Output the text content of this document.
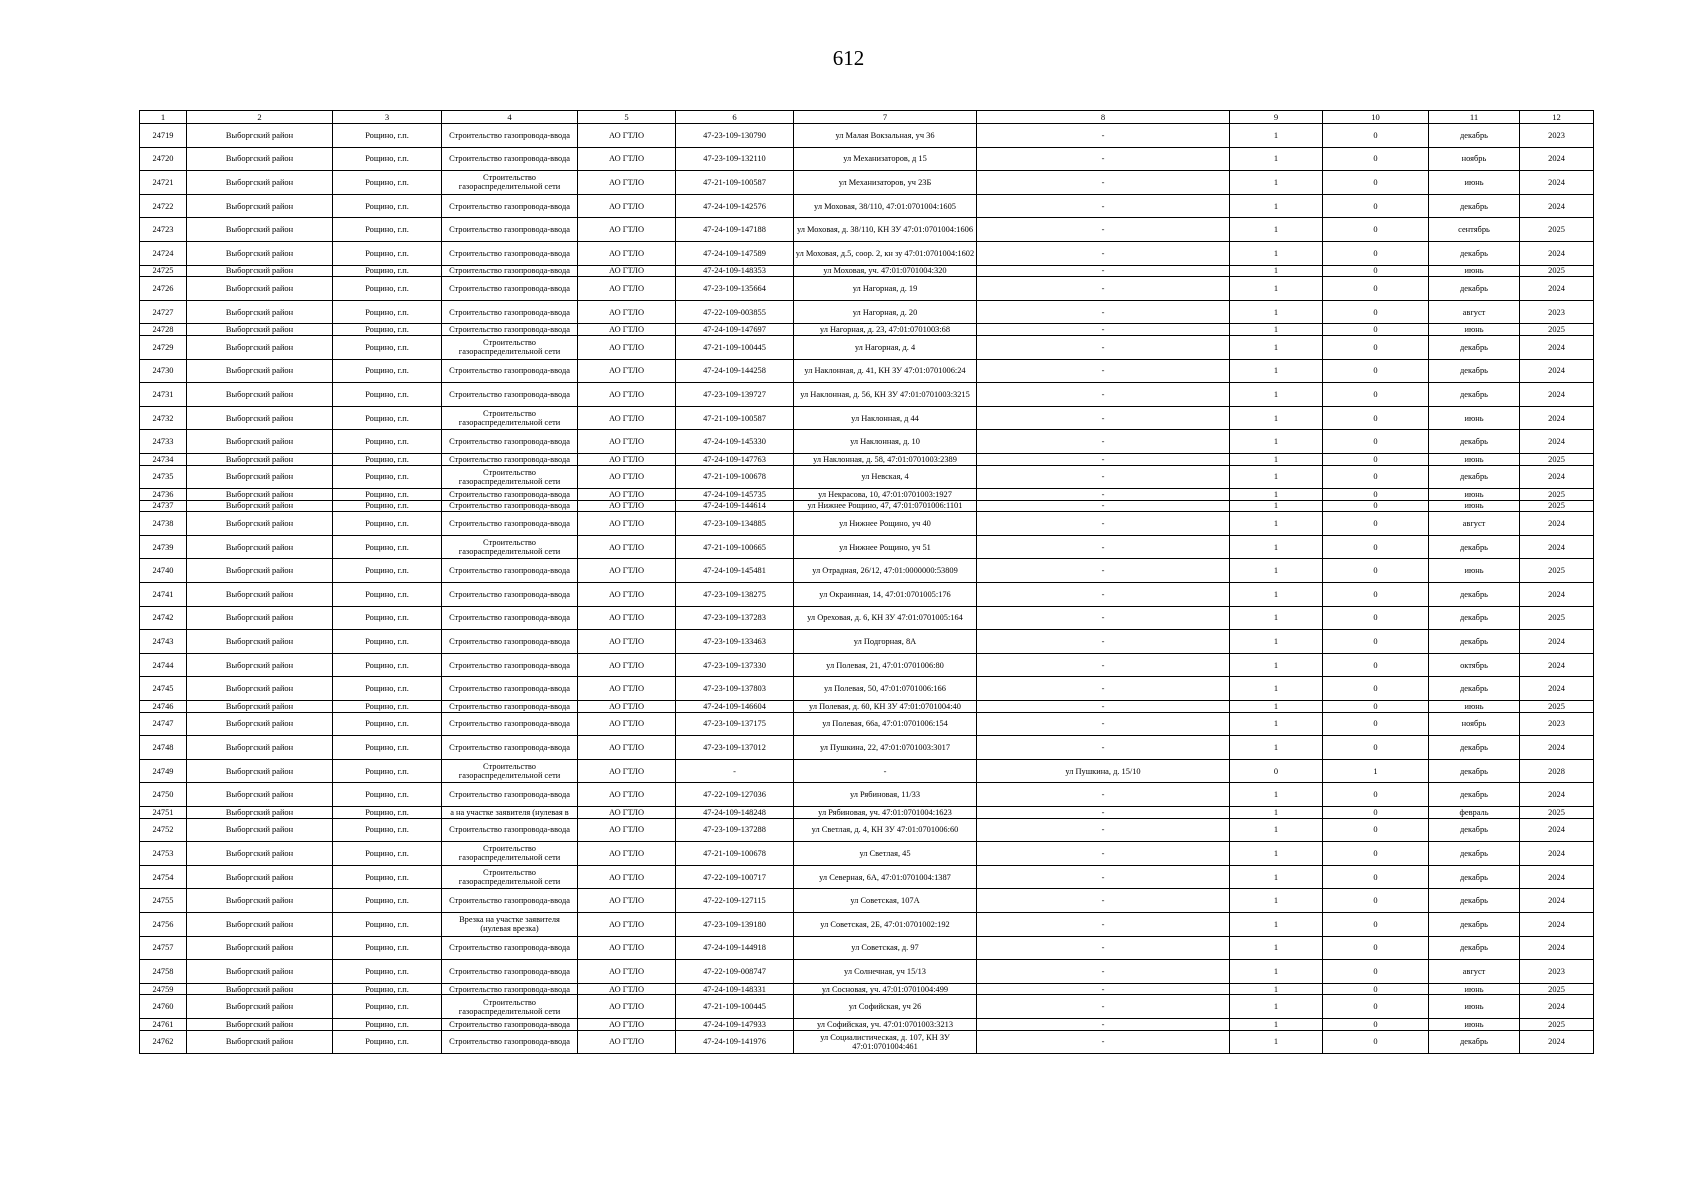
612
1	2	3	4	5	6	7	8	9	10	11	12
24719	Выборгский район	Рощино, г.п.	Строительство газопровода-ввода	АО ГТЛО	47-23-109-130790	ул Малая Вокзальная, уч 36	-	1	0	декабрь	2023
24720	Выборгский район	Рощино, г.п.	Строительство газопровода-ввода	АО ГТЛО	47-23-109-132110	ул Механизаторов, д 15	-	1	0	ноябрь	2024
24721	Выборгский район	Рощино, г.п.	Строительство газораспределительной сети	АО ГТЛО	47-21-109-100587	ул Механизаторов, уч 23Б	-	1	0	июнь	2024
24722	Выборгский район	Рощино, г.п.	Строительство газопровода-ввода	АО ГТЛО	47-24-109-142576	ул Моховая, 38/110, 47:01:0701004:1605	-	1	0	декабрь	2024
24723	Выборгский район	Рощино, г.п.	Строительство газопровода-ввода	АО ГТЛО	47-24-109-147188	ул Моховая, д. 38/110, КН ЗУ 47:01:0701004:1606	-	1	0	сентябрь	2025
24724	Выборгский район	Рощино, г.п.	Строительство газопровода-ввода	АО ГТЛО	47-24-109-147589	ул Моховая, д.5, соор. 2, кн зу 47:01:0701004:1602	-	1	0	декабрь	2024
24725	Выборгский район	Рощино, г.п.	Строительство газопровода-ввода	АО ГТЛО	47-24-109-148353	ул Моховая, уч. 47:01:0701004:320	-	1	0	июнь	2025
24726	Выборгский район	Рощино, г.п.	Строительство газопровода-ввода	АО ГТЛО	47-23-109-135664	ул Нагорная, д. 19	-	1	0	декабрь	2024
24727	Выборгский район	Рощино, г.п.	Строительство газопровода-ввода	АО ГТЛО	47-22-109-003855	ул Нагорная, д. 20	-	1	0	август	2023
24728	Выборгский район	Рощино, г.п.	Строительство газопровода-ввода	АО ГТЛО	47-24-109-147697	ул Нагорная, д. 23, 47:01:0701003:68	-	1	0	июнь	2025
24729	Выборгский район	Рощино, г.п.	Строительство газораспределительной сети	АО ГТЛО	47-21-109-100445	ул Нагорная, д. 4	-	1	0	декабрь	2024
24730	Выборгский район	Рощино, г.п.	Строительство газопровода-ввода	АО ГТЛО	47-24-109-144258	ул Наклонная, д. 41, КН ЗУ 47:01:0701006:24	-	1	0	декабрь	2024
24731	Выборгский район	Рощино, г.п.	Строительство газопровода-ввода	АО ГТЛО	47-23-109-139727	ул Наклонная, д. 56, КН ЗУ 47:01:0701003:3215	-	1	0	декабрь	2024
24732	Выборгский район	Рощино, г.п.	Строительство газораспределительной сети	АО ГТЛО	47-21-109-100587	ул Наклонная, д 44	-	1	0	июнь	2024
24733	Выборгский район	Рощино, г.п.	Строительство газопровода-ввода	АО ГТЛО	47-24-109-145330	ул Наклонная, д. 10	-	1	0	декабрь	2024
24734	Выборгский район	Рощино, г.п.	Строительство газопровода-ввода	АО ГТЛО	47-24-109-147763	ул Наклонная, д. 58, 47:01:0701003:2389	-	1	0	июнь	2025
24735	Выборгский район	Рощино, г.п.	Строительство газораспределительной сети	АО ГТЛО	47-21-109-100678	ул Невская, 4	-	1	0	декабрь	2024
24736	Выборгский район	Рощино, г.п.	Строительство газопровода-ввода	АО ГТЛО	47-24-109-145735	ул Некрасова, 10, 47:01:0701003:1927	-	1	0	июнь	2025
24737	Выборгский район	Рощино, г.п.	Строительство газопровода-ввода	АО ГТЛО	47-24-109-144614	ул Нижнее Рощино, 47, 47:01:0701006:1101	-	1	0	июнь	2025
24738	Выборгский район	Рощино, г.п.	Строительство газопровода-ввода	АО ГТЛО	47-23-109-134885	ул Нижнее Рощино, уч 40	-	1	0	август	2024
24739	Выборгский район	Рощино, г.п.	Строительство газораспределительной сети	АО ГТЛО	47-21-109-100665	ул Нижнее Рощино, уч 51	-	1	0	декабрь	2024
24740	Выборгский район	Рощино, г.п.	Строительство газопровода-ввода	АО ГТЛО	47-24-109-145481	ул Отрадная, 26/12, 47:01:0000000:53809	-	1	0	июнь	2025
24741	Выборгский район	Рощино, г.п.	Строительство газопровода-ввода	АО ГТЛО	47-23-109-138275	ул Окраинная, 14, 47:01:0701005:176	-	1	0	декабрь	2024
24742	Выборгский район	Рощино, г.п.	Строительство газопровода-ввода	АО ГТЛО	47-23-109-137283	ул Ореховая, д. 6, КН ЗУ 47:01:0701005:164	-	1	0	декабрь	2025
24743	Выборгский район	Рощино, г.п.	Строительство газопровода-ввода	АО ГТЛО	47-23-109-133463	ул Подгорная, 8А	-	1	0	декабрь	2024
24744	Выборгский район	Рощино, г.п.	Строительство газопровода-ввода	АО ГТЛО	47-23-109-137330	ул Полевая, 21, 47:01:0701006:80	-	1	0	октябрь	2024
24745	Выборгский район	Рощино, г.п.	Строительство газопровода-ввода	АО ГТЛО	47-23-109-137803	ул Полевая, 50, 47:01:0701006:166	-	1	0	декабрь	2024
24746	Выборгский район	Рощино, г.п.	Строительство газопровода-ввода	АО ГТЛО	47-24-109-146604	ул Полевая, д. 60, КН ЗУ 47:01:0701004:40	-	1	0	июнь	2025
24747	Выборгский район	Рощино, г.п.	Строительство газопровода-ввода	АО ГТЛО	47-23-109-137175	ул Полевая, 66а, 47:01:0701006:154	-	1	0	ноябрь	2023
24748	Выборгский район	Рощино, г.п.	Строительство газопровода-ввода	АО ГТЛО	47-23-109-137012	ул Пушкина, 22, 47:01:0701003:3017	-	1	0	декабрь	2024
24749	Выборгский район	Рощино, г.п.	Строительство газораспределительной сети	АО ГТЛО	-	-	ул Пушкина, д. 15/10	0	1	декабрь	2028
24750	Выборгский район	Рощино, г.п.	Строительство газопровода-ввода	АО ГТЛО	47-22-109-127036	ул Рябиновая, 11/33	-	1	0	декабрь	2024
24751	Выборгский район	Рощино, г.п.	а на участке заявителя (нулевая в	АО ГТЛО	47-24-109-148248	ул Рябиновая, уч. 47:01:0701004:1623	-	1	0	февраль	2025
24752	Выборгский район	Рощино, г.п.	Строительство газопровода-ввода	АО ГТЛО	47-23-109-137288	ул Светлая, д. 4, КН ЗУ 47:01:0701006:60	-	1	0	декабрь	2024
24753	Выборгский район	Рощино, г.п.	Строительство газораспределительной сети	АО ГТЛО	47-21-109-100678	ул Светлая, 45	-	1	0	декабрь	2024
24754	Выборгский район	Рощино, г.п.	Строительство газораспределительной сети	АО ГТЛО	47-22-109-100717	ул Северная, 6А, 47:01:0701004:1387	-	1	0	декабрь	2024
24755	Выборгский район	Рощино, г.п.	Строительство газопровода-ввода	АО ГТЛО	47-22-109-127115	ул Советская, 107А	-	1	0	декабрь	2024
24756	Выборгский район	Рощино, г.п.	Врезка на участке заявителя (нулевая врезка)	АО ГТЛО	47-23-109-139180	ул Советская, 2Б, 47:01:0701002:192	-	1	0	декабрь	2024
24757	Выборгский район	Рощино, г.п.	Строительство газопровода-ввода	АО ГТЛО	47-24-109-144918	ул Советская, д. 97	-	1	0	декабрь	2024
24758	Выборгский район	Рощино, г.п.	Строительство газопровода-ввода	АО ГТЛО	47-22-109-008747	ул Солнечная, уч 15/13	-	1	0	август	2023
24759	Выборгский район	Рощино, г.п.	Строительство газопровода-ввода	АО ГТЛО	47-24-109-148331	ул Сосновая, уч. 47:01:0701004:499	-	1	0	июнь	2025
24760	Выборгский район	Рощино, г.п.	Строительство газораспределительной сети	АО ГТЛО	47-21-109-100445	ул Софийская, уч 26	-	1	0	июнь	2024
24761	Выборгский район	Рощино, г.п.	Строительство газопровода-ввода	АО ГТЛО	47-24-109-147933	ул Софийская, уч. 47:01:0701003:3213	-	1	0	июнь	2025
24762	Выборгский район	Рощино, г.п.	Строительство газопровода-ввода	АО ГТЛО	47-24-109-141976	ул Социалистическая, д. 107, КН ЗУ 47:01:0701004:461	-	1	0	декабрь	2024
